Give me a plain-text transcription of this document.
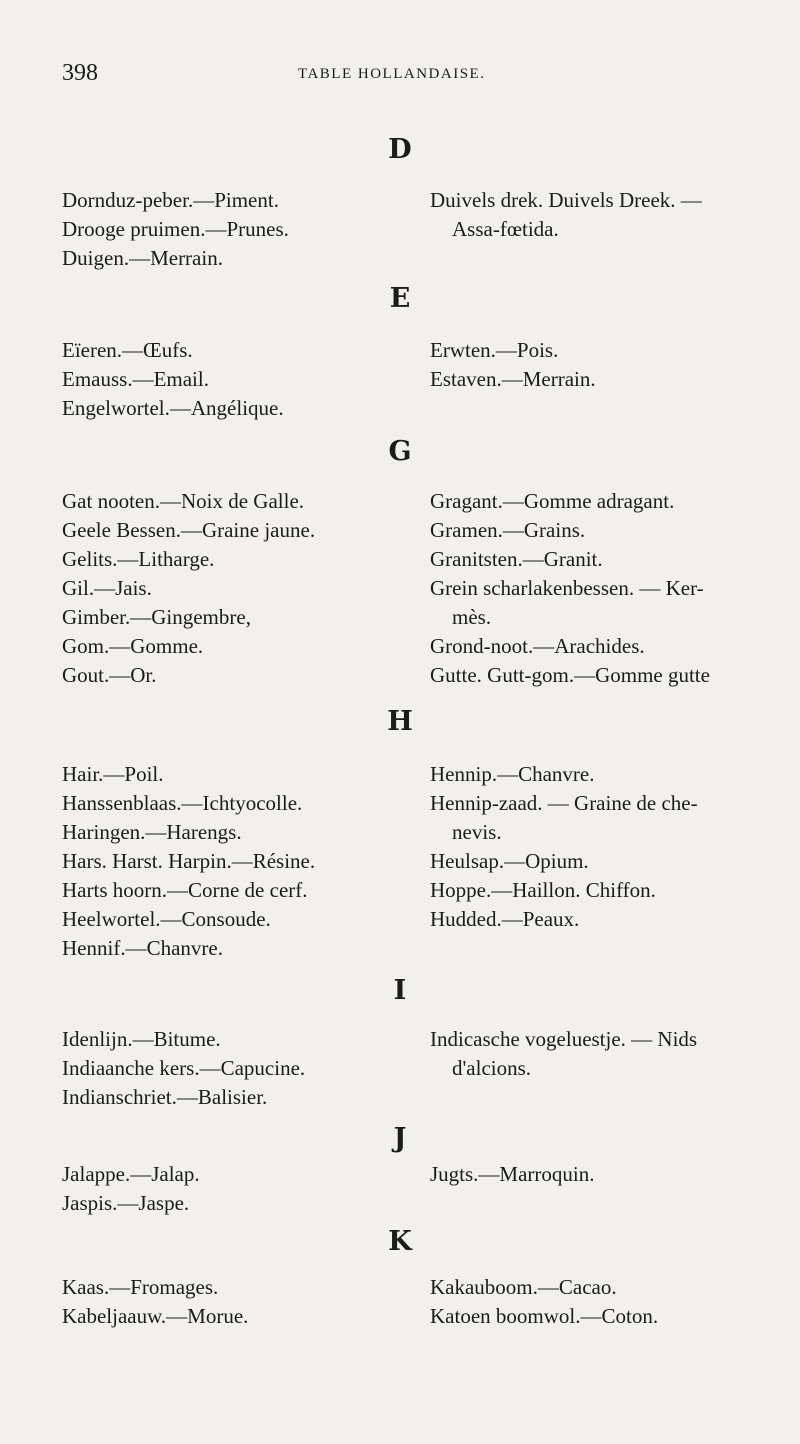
398	TABLE HOLLANDAISE.
D
Dornduz-peber.—Piment.
Drooge pruimen.—Prunes.
Duigen.—Merrain.
Duivels drek. Duivels Dreek. —
Assa-fœtida.
E
Eïeren.—Œufs.
Emauss.—Email.
Engelwortel.—Angélique.
Erwten.—Pois.
Estaven.—Merrain.
G
Gat nooten.—Noix de Galle.
Geele Bessen.—Graine jaune.
Gelits.—Litharge.
Gil.—Jais.
Gimber.—Gingembre,
Gom.—Gomme.
Gout.—Or.
Gragant.—Gomme adragant.
Gramen.—Grains.
Granitsten.—Granit.
Grein scharlakenbessen. — Ker-
mès.
Grond-noot.—Arachides.
Gutte. Gutt-gom.—Gomme gutte
H
Hair.—Poil.
Hanssenblaas.—Ichtyocolle.
Haringen.—Harengs.
Hars. Harst. Harpin.—Résine.
Harts hoorn.—Corne de cerf.
Heelwortel.—Consoude.
Hennif.—Chanvre.
Hennip.—Chanvre.
Hennip-zaad. — Graine de che-
nevis.
Heulsap.—Opium.
Hoppe.—Haillon. Chiffon.
Hudded.—Peaux.
I
Idenlijn.—Bitume.
Indiaanche kers.—Capucine.
Indianschriet.—Balisier.
Indicasche vogeluestje. — Nids
d'alcions.
J
Jalappe.—Jalap.
Jaspis.—Jaspe.
Jugts.—Marroquin.
K
Kaas.—Fromages.
Kabeljaauw.—Morue.
Kakauboom.—Cacao.
Katoen boomwol.—Coton.
